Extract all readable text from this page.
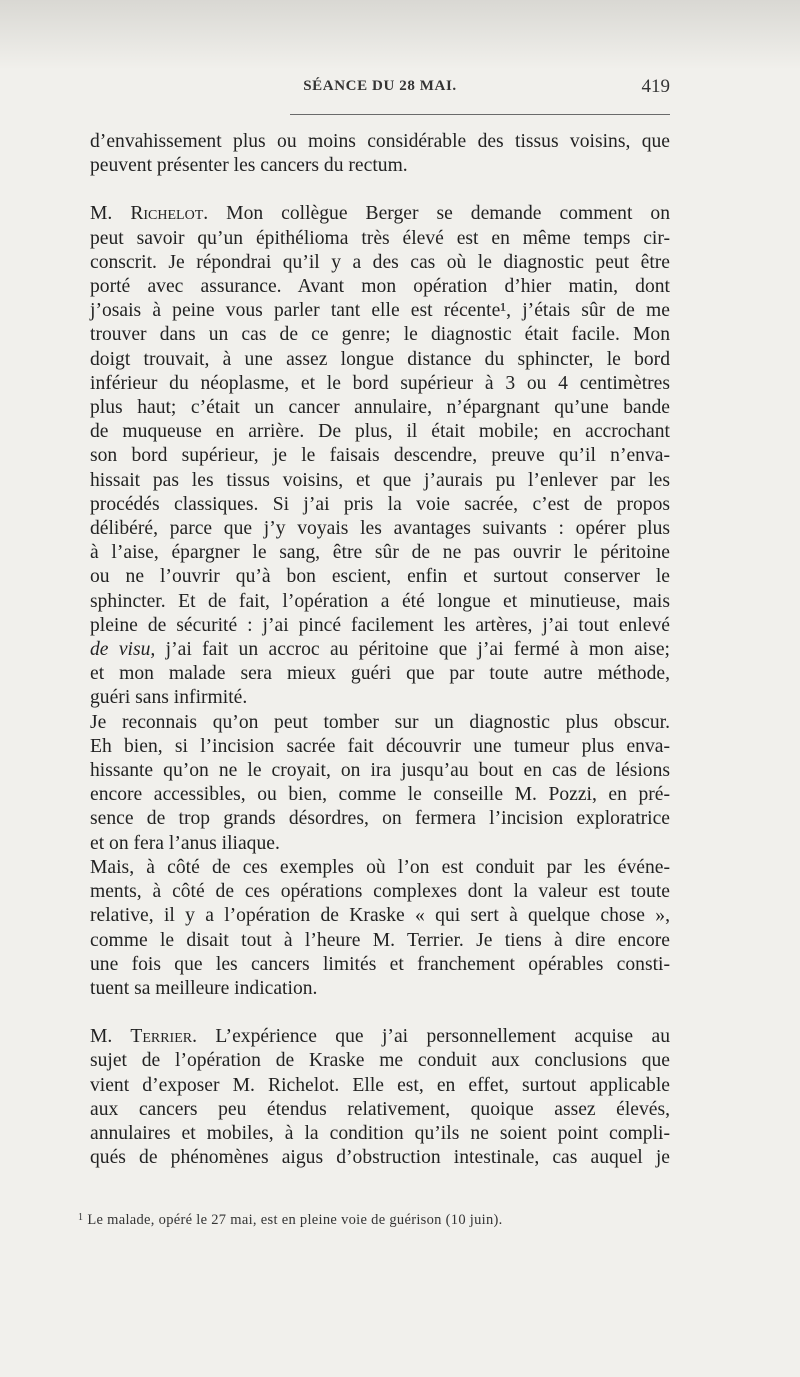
SÉANCE DU 28 MAI.	419

d’envahissement plus ou moins considérable des tissus voisins, que
peuvent présenter les cancers du rectum.

M. Richelot. Mon collègue Berger se demande comment on
peut savoir qu’un épithélioma très élevé est en même temps cir-
conscrit. Je répondrai qu’il y a des cas où le diagnostic peut être
porté avec assurance. Avant mon opération d’hier matin, dont
j’osais à peine vous parler tant elle est récente¹, j’étais sûr de me
trouver dans un cas de ce genre; le diagnostic était facile. Mon
doigt trouvait, à une assez longue distance du sphincter, le bord
inférieur du néoplasme, et le bord supérieur à 3 ou 4 centimètres
plus haut; c’était un cancer annulaire, n’épargnant qu’une bande
de muqueuse en arrière. De plus, il était mobile; en accrochant
son bord supérieur, je le faisais descendre, preuve qu’il n’enva-
hissait pas les tissus voisins, et que j’aurais pu l’enlever par les
procédés classiques. Si j’ai pris la voie sacrée, c’est de propos
délibéré, parce que j’y voyais les avantages suivants : opérer plus
à l’aise, épargner le sang, être sûr de ne pas ouvrir le péritoine
ou ne l’ouvrir qu’à bon escient, enfin et surtout conserver le
sphincter. Et de fait, l’opération a été longue et minutieuse, mais
pleine de sécurité : j’ai pincé facilement les artères, j’ai tout enlevé
de visu, j’ai fait un accroc au péritoine que j’ai fermé à mon aise;
et mon malade sera mieux guéri que par toute autre méthode,
guéri sans infirmité.

Je reconnais qu’on peut tomber sur un diagnostic plus obscur.
Eh bien, si l’incision sacrée fait découvrir une tumeur plus enva-
hissante qu’on ne le croyait, on ira jusqu’au bout en cas de lésions
encore accessibles, ou bien, comme le conseille M. Pozzi, en pré-
sence de trop grands désordres, on fermera l’incision exploratrice
et on fera l’anus iliaque.

Mais, à côté de ces exemples où l’on est conduit par les événe-
ments, à côté de ces opérations complexes dont la valeur est toute
relative, il y a l’opération de Kraske « qui sert à quelque chose »,
comme le disait tout à l’heure M. Terrier. Je tiens à dire encore
une fois que les cancers limités et franchement opérables consti-
tuent sa meilleure indication.

M. Terrier. L’expérience que j’ai personnellement acquise au
sujet de l’opération de Kraske me conduit aux conclusions que
vient d’exposer M. Richelot. Elle est, en effet, surtout applicable
aux cancers peu étendus relativement, quoique assez élevés,
annulaires et mobiles, à la condition qu’ils ne soient point compli-
qués de phénomènes aigus d’obstruction intestinale, cas auquel je

$^1$ Le malade, opéré le 27 mai, est en pleine voie de guérison (10 juin).
